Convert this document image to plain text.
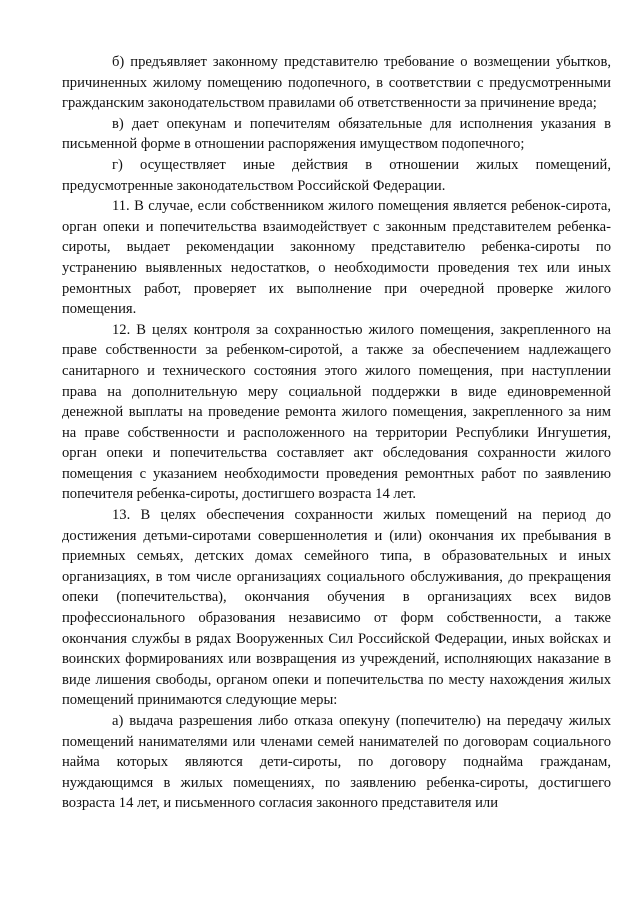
б) предъявляет законному представителю требование о возмещении убытков, причиненных жилому помещению подопечного, в соответствии с предусмотренными гражданским законодательством правилами об ответственности за причинение вреда;

в) дает опекунам и попечителям обязательные для исполнения указания в письменной форме в отношении распоряжения имуществом подопечного;

г) осуществляет иные действия в отношении жилых помещений, предусмотренные законодательством Российской Федерации.

11. В случае, если собственником жилого помещения является ребенок-сирота, орган опеки и попечительства взаимодействует с законным представителем ребенка-сироты, выдает рекомендации законному представителю ребенка-сироты по устранению выявленных недостатков, о необходимости проведения тех или иных ремонтных работ, проверяет их выполнение при очередной проверке жилого помещения.

12. В целях контроля за сохранностью жилого помещения, закрепленного на праве собственности за ребенком-сиротой, а также за обеспечением надлежащего санитарного и технического состояния этого жилого помещения, при наступлении права на дополнительную меру социальной поддержки в виде единовременной денежной выплаты на проведение ремонта жилого помещения, закрепленного за ним на праве собственности и расположенного на территории Республики Ингушетия, орган опеки и попечительства составляет акт обследования сохранности жилого помещения с указанием необходимости проведения ремонтных работ по заявлению попечителя ребенка-сироты, достигшего возраста 14 лет.

13. В целях обеспечения сохранности жилых помещений на период до достижения детьми-сиротами совершеннолетия и (или) окончания их пребывания в приемных семьях, детских домах семейного типа, в образовательных и иных организациях, в том числе организациях социального обслуживания, до прекращения опеки (попечительства), окончания обучения в организациях всех видов профессионального образования независимо от форм собственности, а также окончания службы в рядах Вооруженных Сил Российской Федерации, иных войсках и воинских формированиях или возвращения из учреждений, исполняющих наказание в виде лишения свободы, органом опеки и попечительства по месту нахождения жилых помещений принимаются следующие меры:

а) выдача разрешения либо отказа опекуну (попечителю) на передачу жилых помещений нанимателями или членами семей нанимателей по договорам социального найма которых являются дети-сироты, по договору поднайма гражданам, нуждающимся в жилых помещениях, по заявлению ребенка-сироты, достигшего возраста 14 лет, и письменного согласия законного представителя или
